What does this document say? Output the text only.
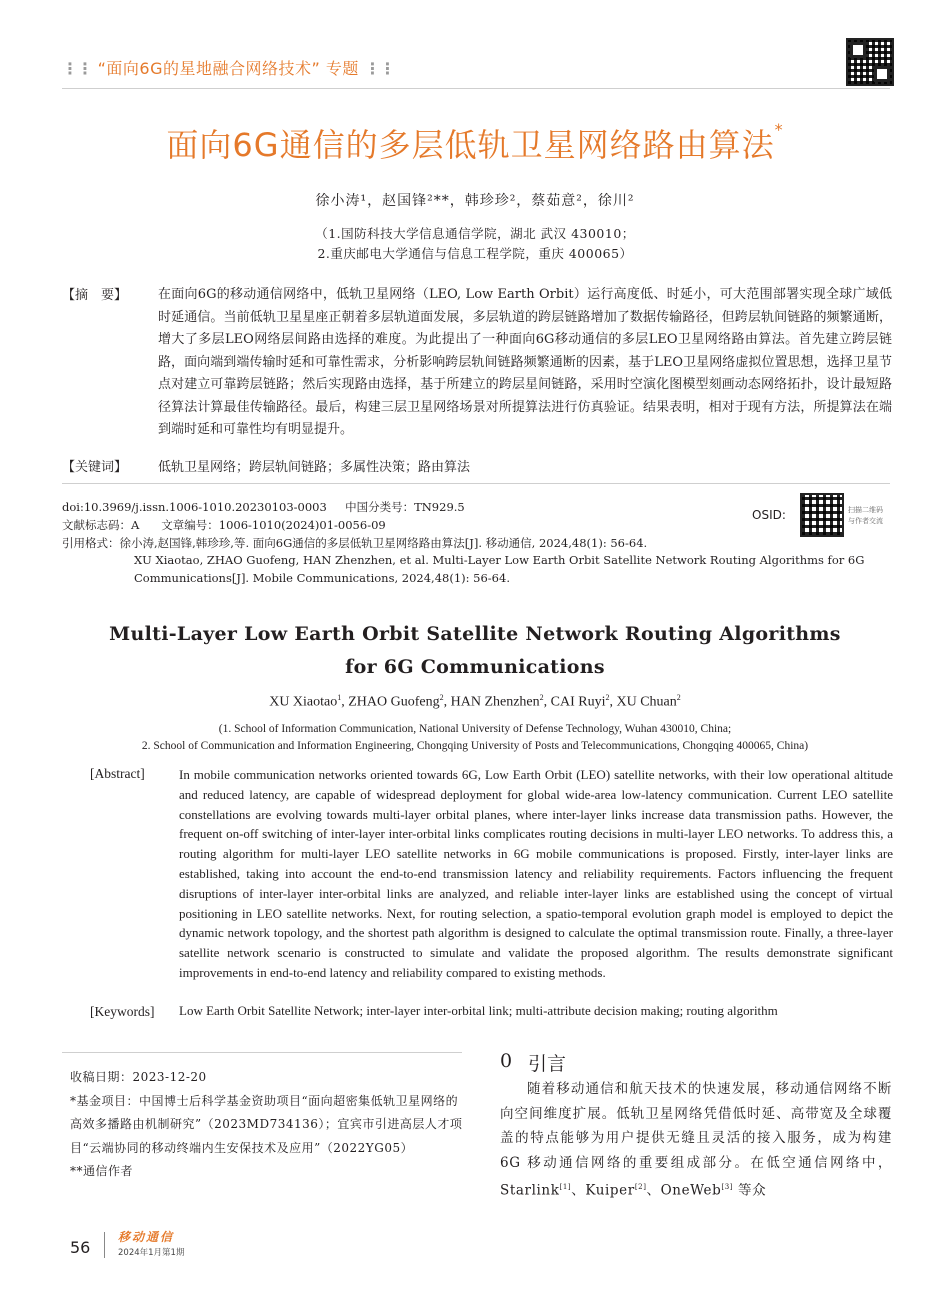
⋮⋮ “面向6G的星地融合网络技术” 专题 ⋮⋮
面向6G通信的多层低轨卫星网络路由算法*
徐小涛¹，赵国锋²**，韩珍珍²，蔡茹意²，徐川²
（1.国防科技大学信息通信学院，湖北 武汉 430010；
2.重庆邮电大学通信与信息工程学院，重庆 400065）
【摘　要】 在面向6G的移动通信网络中，低轨卫星网络（LEO, Low Earth Orbit）运行高度低、时延小，可大范围部署实现全球广域低时延通信。当前低轨卫星星座正朝着多层轨道面发展，多层轨道的跨层链路增加了数据传输路径，但跨层轨间链路的频繁通断，增大了多层LEO网络层间路由选择的难度。为此提出了一种面向6G移动通信的多层LEO卫星网络路由算法。首先建立跨层链路，面向端到端传输时延和可靠性需求，分析影响跨层轨间链路频繁通断的因素，基于LEO卫星网络虚拟位置思想，选择卫星节点对建立可靠跨层链路；然后实现路由选择，基于所建立的跨层星间链路，采用时空演化图模型刻画动态网络拓扑，设计最短路径算法计算最佳传输路径。最后，构建三层卫星网络场景对所提算法进行仿真验证。结果表明，相对于现有方法，所提算法在端到端时延和可靠性均有明显提升。
【关键词】 低轨卫星网络；跨层轨间链路；多属性决策；路由算法
doi:10.3969/j.issn.1006-1010.20230103-0003 中国分类号：TN929.5
文献标志码：A 文章编号：1006-1010(2024)01-0056-09
引用格式：徐小涛,赵国锋,韩珍珍,等. 面向6G通信的多层低轨卫星网络路由算法[J]. 移动通信, 2024,48(1): 56-64.
XU Xiaotao, ZHAO Guofeng, HAN Zhenzhen, et al. Multi-Layer Low Earth Orbit Satellite Network Routing Algorithms for 6G
Communications[J]. Mobile Communications, 2024,48(1): 56-64.
OSID:	扫描二维码
与作者交流
Multi-Layer Low Earth Orbit Satellite Network Routing Algorithms
for 6G Communications
XU Xiaotao$^1$, ZHAO Guofeng$^2$, HAN Zhenzhen$^2$, CAI Ruyi$^2$, XU Chuan$^2$
(1. School of Information Communication, National University of Defense Technology, Wuhan 430010, China;
2. School of Communication and Information Engineering, Chongqing University of Posts and Telecommunications, Chongqing 400065, China)
[Abstract]	In mobile communication networks oriented towards 6G, Low Earth Orbit (LEO) satellite networks, with their low operational altitude and reduced latency, are capable of widespread deployment for global wide-area low-latency communication. Current LEO satellite constellations are evolving towards multi-layer orbital planes, where inter-layer links increase data transmission paths. However, the frequent on-off switching of inter-layer inter-orbital links complicates routing decisions in multi-layer LEO networks. To address this, a routing algorithm for multi-layer LEO satellite networks in 6G mobile communications is proposed. Firstly, inter-layer links are established, taking into account the end-to-end transmission latency and reliability requirements. Factors influencing the frequent disruptions of inter-layer inter-orbital links are analyzed, and reliable inter-layer links are established using the concept of virtual positioning in LEO satellite networks. Next, for routing selection, a spatio-temporal evolution graph model is employed to depict the dynamic network topology, and the shortest path algorithm is designed to calculate the optimal transmission route. Finally, a three-layer satellite network scenario is constructed to simulate and validate the proposed algorithm. The results demonstrate significant improvements in end-to-end latency and reliability compared to existing methods.
[Keywords] Low Earth Orbit Satellite Network; inter-layer inter-orbital link; multi-attribute decision making; routing algorithm
收稿日期：2023-12-20
*基金项目：中国博士后科学基金资助项目“面向超密集低轨卫星网络的高效多播路由机制研究”（2023MD734136）；宜宾市引进高层人才项目“云端协同的移动终端内生安保技术及应用”（2022YG05）
**通信作者
0 引言
随着移动通信和航天技术的快速发展，移动通信网络不断向空间维度扩展。低轨卫星网络凭借低时延、高带宽及全球覆盖的特点能够为用户提供无缝且灵活的接入服务，成为构建 6G 移动通信网络的重要组成部分。在低空通信网络中，Starlink[1]、Kuiper[2]、OneWeb[3] 等众
56
移动通信
2024年1月第1期
